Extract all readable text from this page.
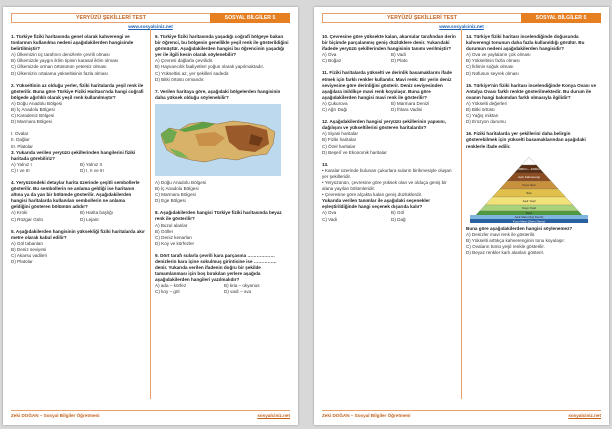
YERYÜZÜ ŞEKİLLERİ TEST	SOSYAL BİLGİLER 5
www.sosyalciniz.net
1. Türkiye fiziki haritasında genel olarak kahverengi ve tonlarının kullanılma nedeni aşağıdakilerden hangisinde belirtilmiştir?
A) Ülkemizin üç tarafının denizlerle çevrili olması
B) Ülkemizde yaygın iklim tipinin karasal iklim olması
C) Ülkemizde orman örtüsünün yetersiz olması
D) Ülkemizin ortalama yükseltisinin fazla olması
2. Yükseltinin az olduğu yerler, fiziki haritalarda yeşil renk ile gösterilir. Buna göre Türkiye Fiziki Haritası'nda hangi coğrafi bölgede ağırlıklı olarak yeşil renk kullanılmıştır?
A) Doğu Anadolu Bölgesi
B) İç Anadolu Bölgesi
C) Karadeniz Bölgesi
D) Marmara Bölgesi
I. Ovalar
II. Dağlar
III. Platolar
3. Yukarıda verilen yeryüzü şekillerinden hangilerini fiziki haritada görebiliriz?
A) Yalnız I	B) Yalnız II
C) I ve III	D) I, II ve III
4. Yeryüzündeki detaylar harita üzerinde çeşitli sembollerle gösterilir. Bu sembollerin ne anlama geldiği ise haritanın altına ya da yan bir bölümde gösterilir. Aşağıdakilerden hangisi haritalarda kullanılan sembollerin ne anlama geldiğini gösteren bölümün adıdır?
A) Kroki	B) Harita başlığı
C) Rüzgar Gülü	D) Lejant
5. Aşağıdakilerden hangisinin yüksekliği fiziki haritalarda akır metre olarak kabul edilir?
A) Göl tabanları
B) Deniz seviyesi
C) Akarsu vadileri
D) Platolar
6. Türkiye fiziki haritasında yaşadığı coğrafi bölgeye bakan bir öğrenci, bu bölgenin genellikle yeşil renk ile gösterildiğini görmüştür. Aşağıdakilerden hangisi bu öğrencinin yaşadığı yer ile ilgili kesin olarak söylenebilir?
A) Çevresi dağlarla çevrilidir.
B) Hayvancılık faaliyetleri yoğun olarak yapılmaktadır.
C) Yükseltisi az, yer şekilleri sadedir.
D) Bitki örtüsü ormandır.
7. Verilen haritaya göre, aşağıdaki bölgelerden hangisinin daha yüksek olduğu söylenebilir?
A) Doğu Anadolu Bölgesi
B) İç Anadolu Bölgesi
C) Marmara Bölgesi
D) Ege Bölgesi
8. Aşağıdakilerden hangisi Türkiye fiziki haritasında beyaz renk ile gösterilir?
A) Buzul alanlar
B) Göller
C) Deniz kenarları
D) Koy ve körfezler
9. Dört tarafı sularla çevrili kara parçasına ……………… denizlerin kara içine sokulmuş girintisine ise …………… denir. Yukarıda verilen ifadenin doğru bir şekilde tamamlanması için boş bırakılan yerlere aşağıda aşağıdakilerden hangileri yazılmalıdır?
A) ada – körfez	B) kıta – okyanus
C) koy – göl	D) vadi – ova
Zeki DOĞAN – Sosyal Bilgiler Öğretmeni	sosyalciniz.net
YERYÜZÜ ŞEKİLLERİ TEST	SOSYAL BİLGİLER 5
www.sosyalciniz.net
10. Çevresine göre yüksekte kalan, akarsular tarafından derin bir biçimde parçalanmış geniş düzlüklere denir. Yukarıdaki ifadede yeryüzü şekillerinden hangisinin tanımı verilmiştir?
A) Ova	B) Vadi
C) Boğaz	D) Plato
11. Fiziki haritalarda yükselti ve derinlik basamaklarını ifade etmek için farklı renkler kullanılır. Mavi renk: Bir yerin deniz seviyesine göre derinliğini gösterir. Deniz seviyesinden aşağılara inildikçe mavi renk koyulaşır. Buna göre aşağıdakilerden hangisi mavi renk ile gösterilir?
A) Çukurova	B) Marmara Denizi
C) Ağrı Dağı	D) İhlara Vadisi
12. Aşağıdakilerden hangisi yeryüzü şekillerinin yapısını, dağılışını ve yükseltilerini gösteren haritalardır?
A) Siyasi haritalar
B) Fiziki haritalar
C) Özel haritalar
D) Beşerî ve Ekonomik haritalar
13.
• Karalar üzerinde bulunan çukurlara suların birikmesiyle oluşan yer şekilleridir.
• Yeryüzünün, çevresine göre yüksek olan ve olduça geniş bir alana yayılan bölümleridir.
• Çevresine göre alçakta kalan geniş düzlüklerdir.
Yukarıda verilen tanımlar ile aşağıdaki seçenekler eşleştirildiğinde hangi seçenek dışarıda kalır?
A) Ova	B) Göl
C) Vadi	D) Dağ
14. Türkiye fiziki haritası incelendiğinde doğusunda kahverengi tonunun daha fazla kullanıldığı görülür. Bu durumun nedeni aşağıdakilerden hangisidir?
A) Ova ve yaylaların çok olması
B) Yükseltinin fazla olması
C) İklimin soğuk olması
D) Nüfusun seyrek olması
15. Türkiye'nin fiziki haritası incelendiğinde Konya Ovası ve Antalya Ovası farklı renkte gösterilmektedir. Bu durum ile ovanın hangi bakımdan farklı olmasıyla ilgilidir?
A) Yükselti değerleri
B) Bitki örtüsü
C) Yağış miktarı
D) Erozyon durumu
16. Fiziki haritalarda yer şekillerini daha belirgin gösterebilmek için yükselti basamaklarından aşağıdaki renklerle ifade edilir.
Koyu Kahverengi
3000m – 4000m
Açık Kahverengi
Koyu Sarı
Sarı
Açık Yeşil
Koyu Yeşil
Mavi
Açık Mavi (Sığ Deniz)
Koyu Mavi (Derin Deniz)
Buna göre aşağıdakilerden hangisi söylenemez?
A) Denizler mavi renk ile gösterilir.
B) Yükselti arttıkça kahverenginin tonu koyulaşır.
C) Ovaların tümü yeşil renkle gösterilir.
D) Beyaz renkler karlı alanları gösterir.
Zeki DOĞAN – Sosyal Bilgiler Öğretmeni	sosyalciniz.net
